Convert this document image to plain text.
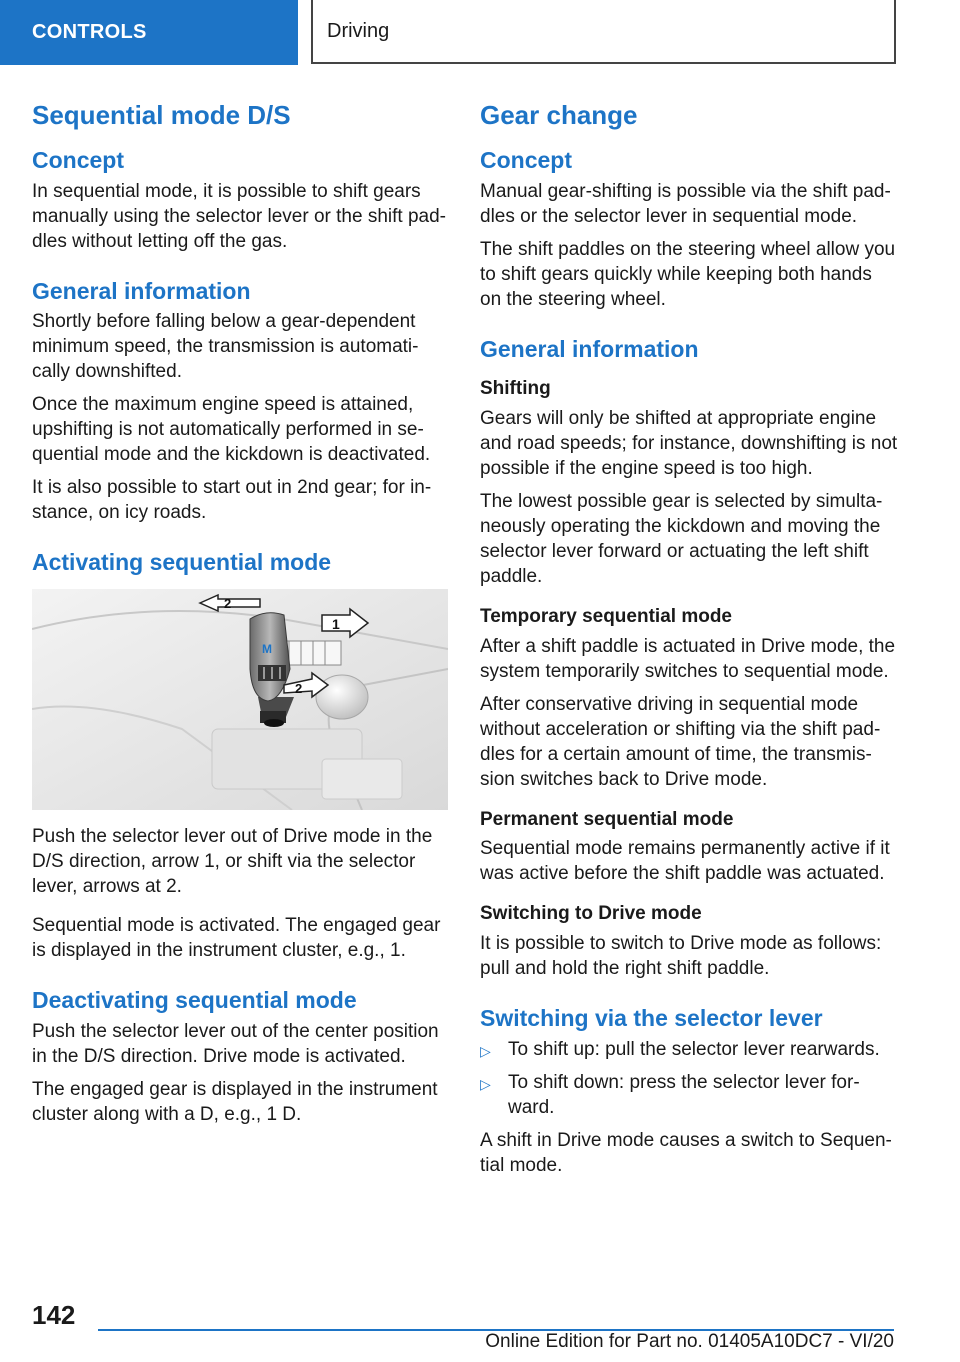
CONTROLS	Driving
Sequential mode D/S
Concept

In sequential mode, it is possible to shift gears manually using the selector lever or the shift paddles without letting off the gas.

General information

Shortly before falling below a gear-dependent minimum speed, the transmission is automatically downshifted.

Once the maximum engine speed is attained, upshifting is not automatically performed in sequential mode and the kickdown is deactivated.

It is also possible to start out in 2nd gear; for instance, on icy roads.

Activating sequential mode
M
2
1
2

Push the selector lever out of Drive mode in the D/S direction, arrow 1, or shift via the selector lever, arrows at 2.

Sequential mode is activated. The engaged gear is displayed in the instrument cluster, e.g., 1.

Deactivating sequential mode

Push the selector lever out of the center position in the D/S direction. Drive mode is activated.

The engaged gear is displayed in the instrument cluster along with a D, e.g., 1 D.

Gear change
Concept

Manual gear-shifting is possible via the shift paddles or the selector lever in sequential mode.

The shift paddles on the steering wheel allow you to shift gears quickly while keeping both hands on the steering wheel.

General information
Shifting

Gears will only be shifted at appropriate engine and road speeds; for instance, downshifting is not possible if the engine speed is too high.

The lowest possible gear is selected by simultaneously operating the kickdown and moving the selector lever forward or actuating the left shift paddle.

Temporary sequential mode

After a shift paddle is actuated in Drive mode, the system temporarily switches to sequential mode.

After conservative driving in sequential mode without acceleration or shifting via the shift paddles for a certain amount of time, the transmission switches back to Drive mode.

Permanent sequential mode

Sequential mode remains permanently active if it was active before the shift paddle was actuated.

Switching to Drive mode

It is possible to switch to Drive mode as follows: pull and hold the right shift paddle.

Switching via the selector lever
▷ To shift up: pull the selector lever rearwards.
▷ To shift down: press the selector lever forward.

A shift in Drive mode causes a switch to Sequential mode.

142
Online Edition for Part no. 01405A10DC7 - VI/20
